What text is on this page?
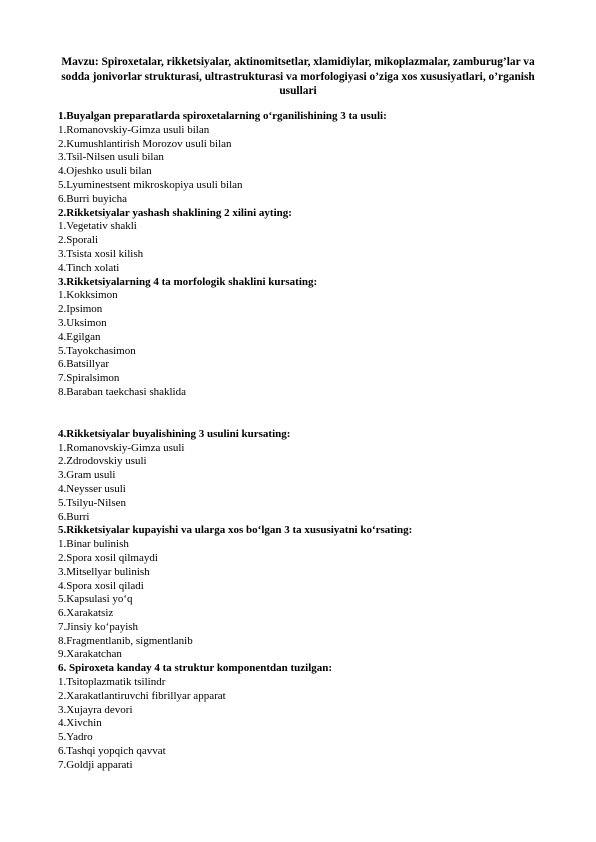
Mavzu: Spiroxetalar, rikketsiyalar, aktinomitsetlar, xlamidiylar, mikoplazmalar, zamburug’lar va sodda jonivorlar strukturasi, ultrastrukturasi va morfologiyasi o’ziga xos xususiyatlari, o’rganish usullari
1.Buyalgan preparatlarda spiroxetalarning o‘rganilishining 3 ta usuli:
1.Romanovskiy-Gimza usuli bilan
2.Kumushlantirish Morozov usuli bilan
3.Tsil-Nilsen usuli bilan
4.Ojeshko usuli bilan
5.Lyuminestsent mikroskopiya usuli bilan
6.Burri buyicha
2.Rikketsiyalar yashash shaklining 2 xilini ayting:
1.Vegetativ shakli
2.Sporali
3.Tsista xosil kilish
4.Tinch xolati
3.Rikketsiyalarning 4 ta morfologik shaklini kursating:
1.Kokksimon
2.Ipsimon
3.Uksimon
4.Egilgan
5.Tayokchasimon
6.Batsillyar
7.Spiralsimon
8.Baraban taekchasi shaklida
4.Rikketsiyalar buyalishining 3 usulini kursating:
1.Romanovskiy-Gimza usuli
2.Zdrodovskiy usuli
3.Gram usuli
4.Neysser usuli
5.Tsilyu-Nilsen
6.Burri
5.Rikketsiyalar kupayishi va ularga xos bo‘lgan 3 ta xususiyatni ko‘rsating:
1.Binar bulinish
2.Spora xosil qilmaydi
3.Mitsellyar bulinish
4.Spora xosil qiladi
5.Kapsulasi yo‘q
6.Xarakatsiz
7.Jinsiy ko‘payish
8.Fragmentlanib, sigmentlanib
9.Xarakatchan
6. Spiroxeta kanday 4 ta struktur komponentdan tuzilgan:
1.Tsitoplazmatik tsilindr
2.Xarakatlantiruvchi fibrillyar apparat
3.Xujayra devori
4.Xivchin
5.Yadro
6.Tashqi yopqich qavvat
7.Goldji apparati
